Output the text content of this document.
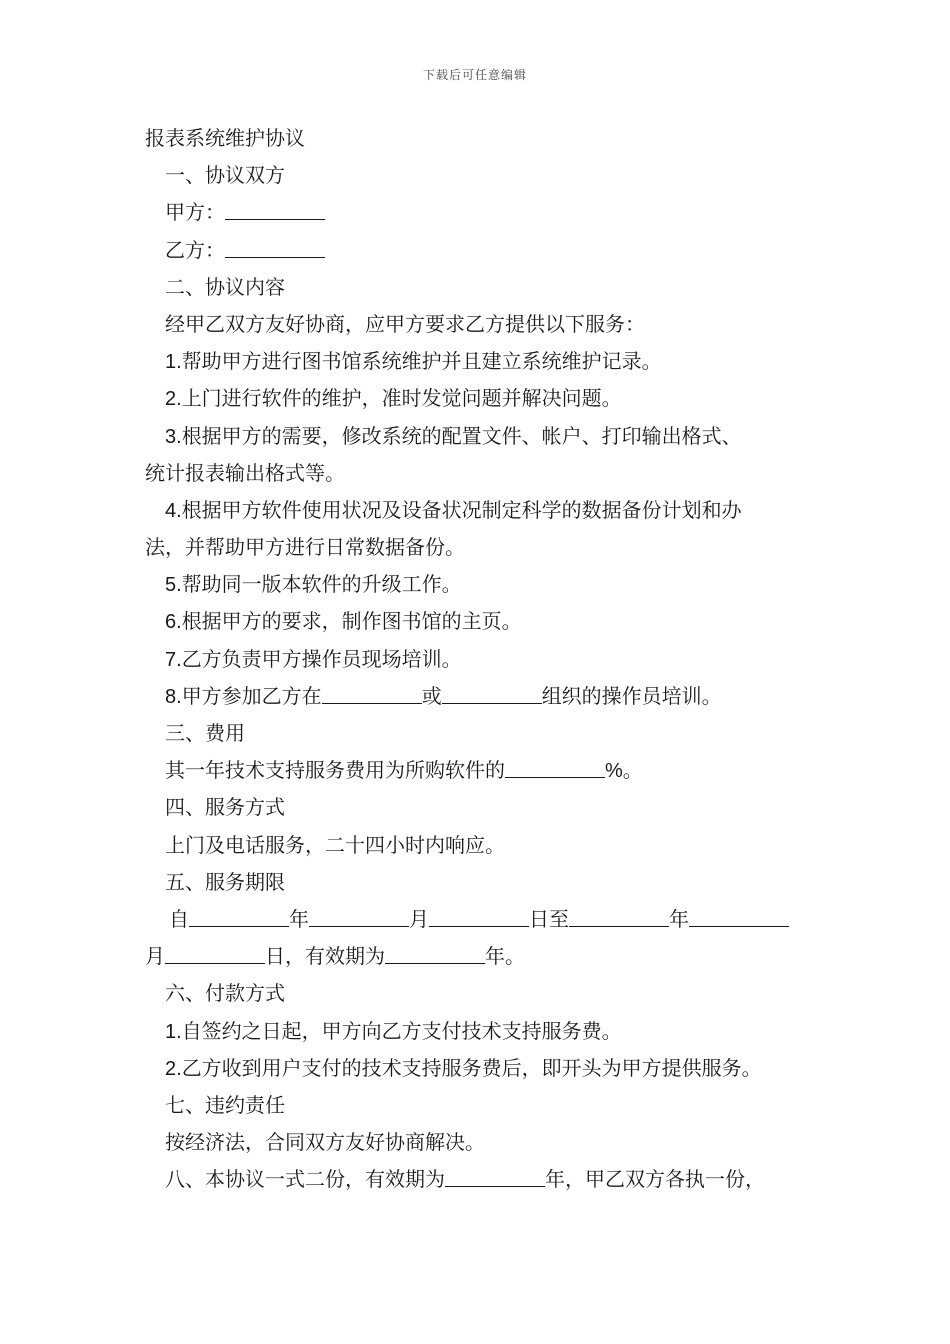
下载后可任意编辑
报表系统维护协议
一、协议双方
甲方：
乙方：
二、协议内容
经甲乙双方友好协商，应甲方要求乙方提供以下服务：
1.帮助甲方进行图书馆系统维护并且建立系统维护记录。
2.上门进行软件的维护，准时发觉问题并解决问题。
3.根据甲方的需要，修改系统的配置文件、帐户、打印输出格式、
统计报表输出格式等。
4.根据甲方软件使用状况及设备状况制定科学的数据备份计划和办
法，并帮助甲方进行日常数据备份。
5.帮助同一版本软件的升级工作。
6.根据甲方的要求，制作图书馆的主页。
7.乙方负责甲方操作员现场培训。
8.甲方参加乙方在	或	组织的操作员培训。
三、费用
其一年技术支持服务费用为所购软件的	%。
四、服务方式
上门及电话服务，二十四小时内响应。
五、服务期限
自	年	月	日至	年
月	日，有效期为	年。
六、付款方式
1.自签约之日起，甲方向乙方支付技术支持服务费。
2.乙方收到用户支付的技术支持服务费后，即开头为甲方提供服务。
七、违约责任
按经济法，合同双方友好协商解决。
八、本协议一式二份，有效期为	年，甲乙双方各执一份，
